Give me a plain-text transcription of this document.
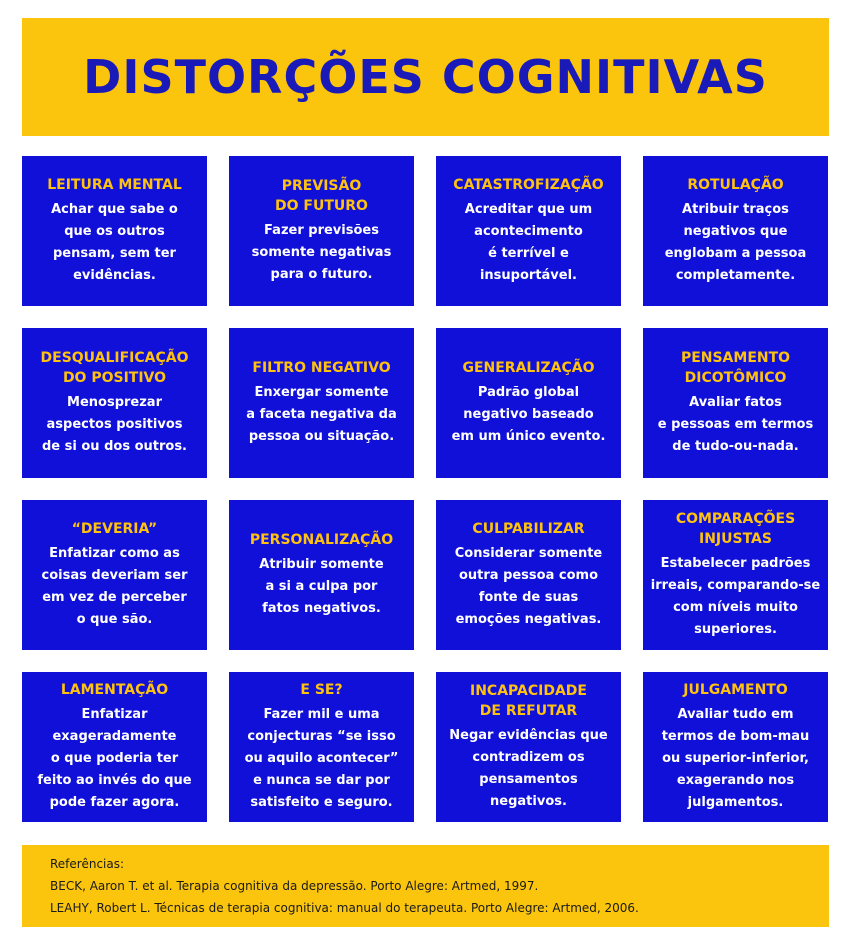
DISTORÇÕES COGNITIVAS
LEITURA MENTAL
Achar que sabe o
que os outros
pensam, sem ter
evidências.
PREVISÃO
DO FUTURO
Fazer previsões
somente negativas
para o futuro.
CATASTROFIZAÇÃO
Acreditar que um
acontecimento
é terrível e
insuportável.
ROTULAÇÃO
Atribuir traços
negativos que
englobam a pessoa
completamente.
DESQUALIFICAÇÃO
DO POSITIVO
Menosprezar
aspectos positivos
de si ou dos outros.
FILTRO NEGATIVO
Enxergar somente
a faceta negativa da
pessoa ou situação.
GENERALIZAÇÃO
Padrão global
negativo baseado
em um único evento.
PENSAMENTO
DICOTÔMICO
Avaliar fatos
e pessoas em termos
de tudo-ou-nada.
“DEVERIA”
Enfatizar como as
coisas deveriam ser
em vez de perceber
o que são.
PERSONALIZAÇÃO
Atribuir somente
a si a culpa por
fatos negativos.
CULPABILIZAR
Considerar somente
outra pessoa como
fonte de suas
emoções negativas.
COMPARAÇÕES
INJUSTAS
Estabelecer padrões
irreais, comparando-se
com níveis muito
superiores.
LAMENTAÇÃO
Enfatizar
exageradamente
o que poderia ter
feito ao invés do que
pode fazer agora.
E SE?
Fazer mil e uma
conjecturas “se isso
ou aquilo acontecer”
e nunca se dar por
satisfeito e seguro.
INCAPACIDADE
DE REFUTAR
Negar evidências que
contradizem os
pensamentos
negativos.
JULGAMENTO
Avaliar tudo em
termos de bom-mau
ou superior-inferior,
exagerando nos
julgamentos.
Referências:
BECK, Aaron T. et al. Terapia cognitiva da depressão. Porto Alegre: Artmed, 1997.
LEAHY, Robert L. Técnicas de terapia cognitiva: manual do terapeuta. Porto Alegre: Artmed, 2006.
